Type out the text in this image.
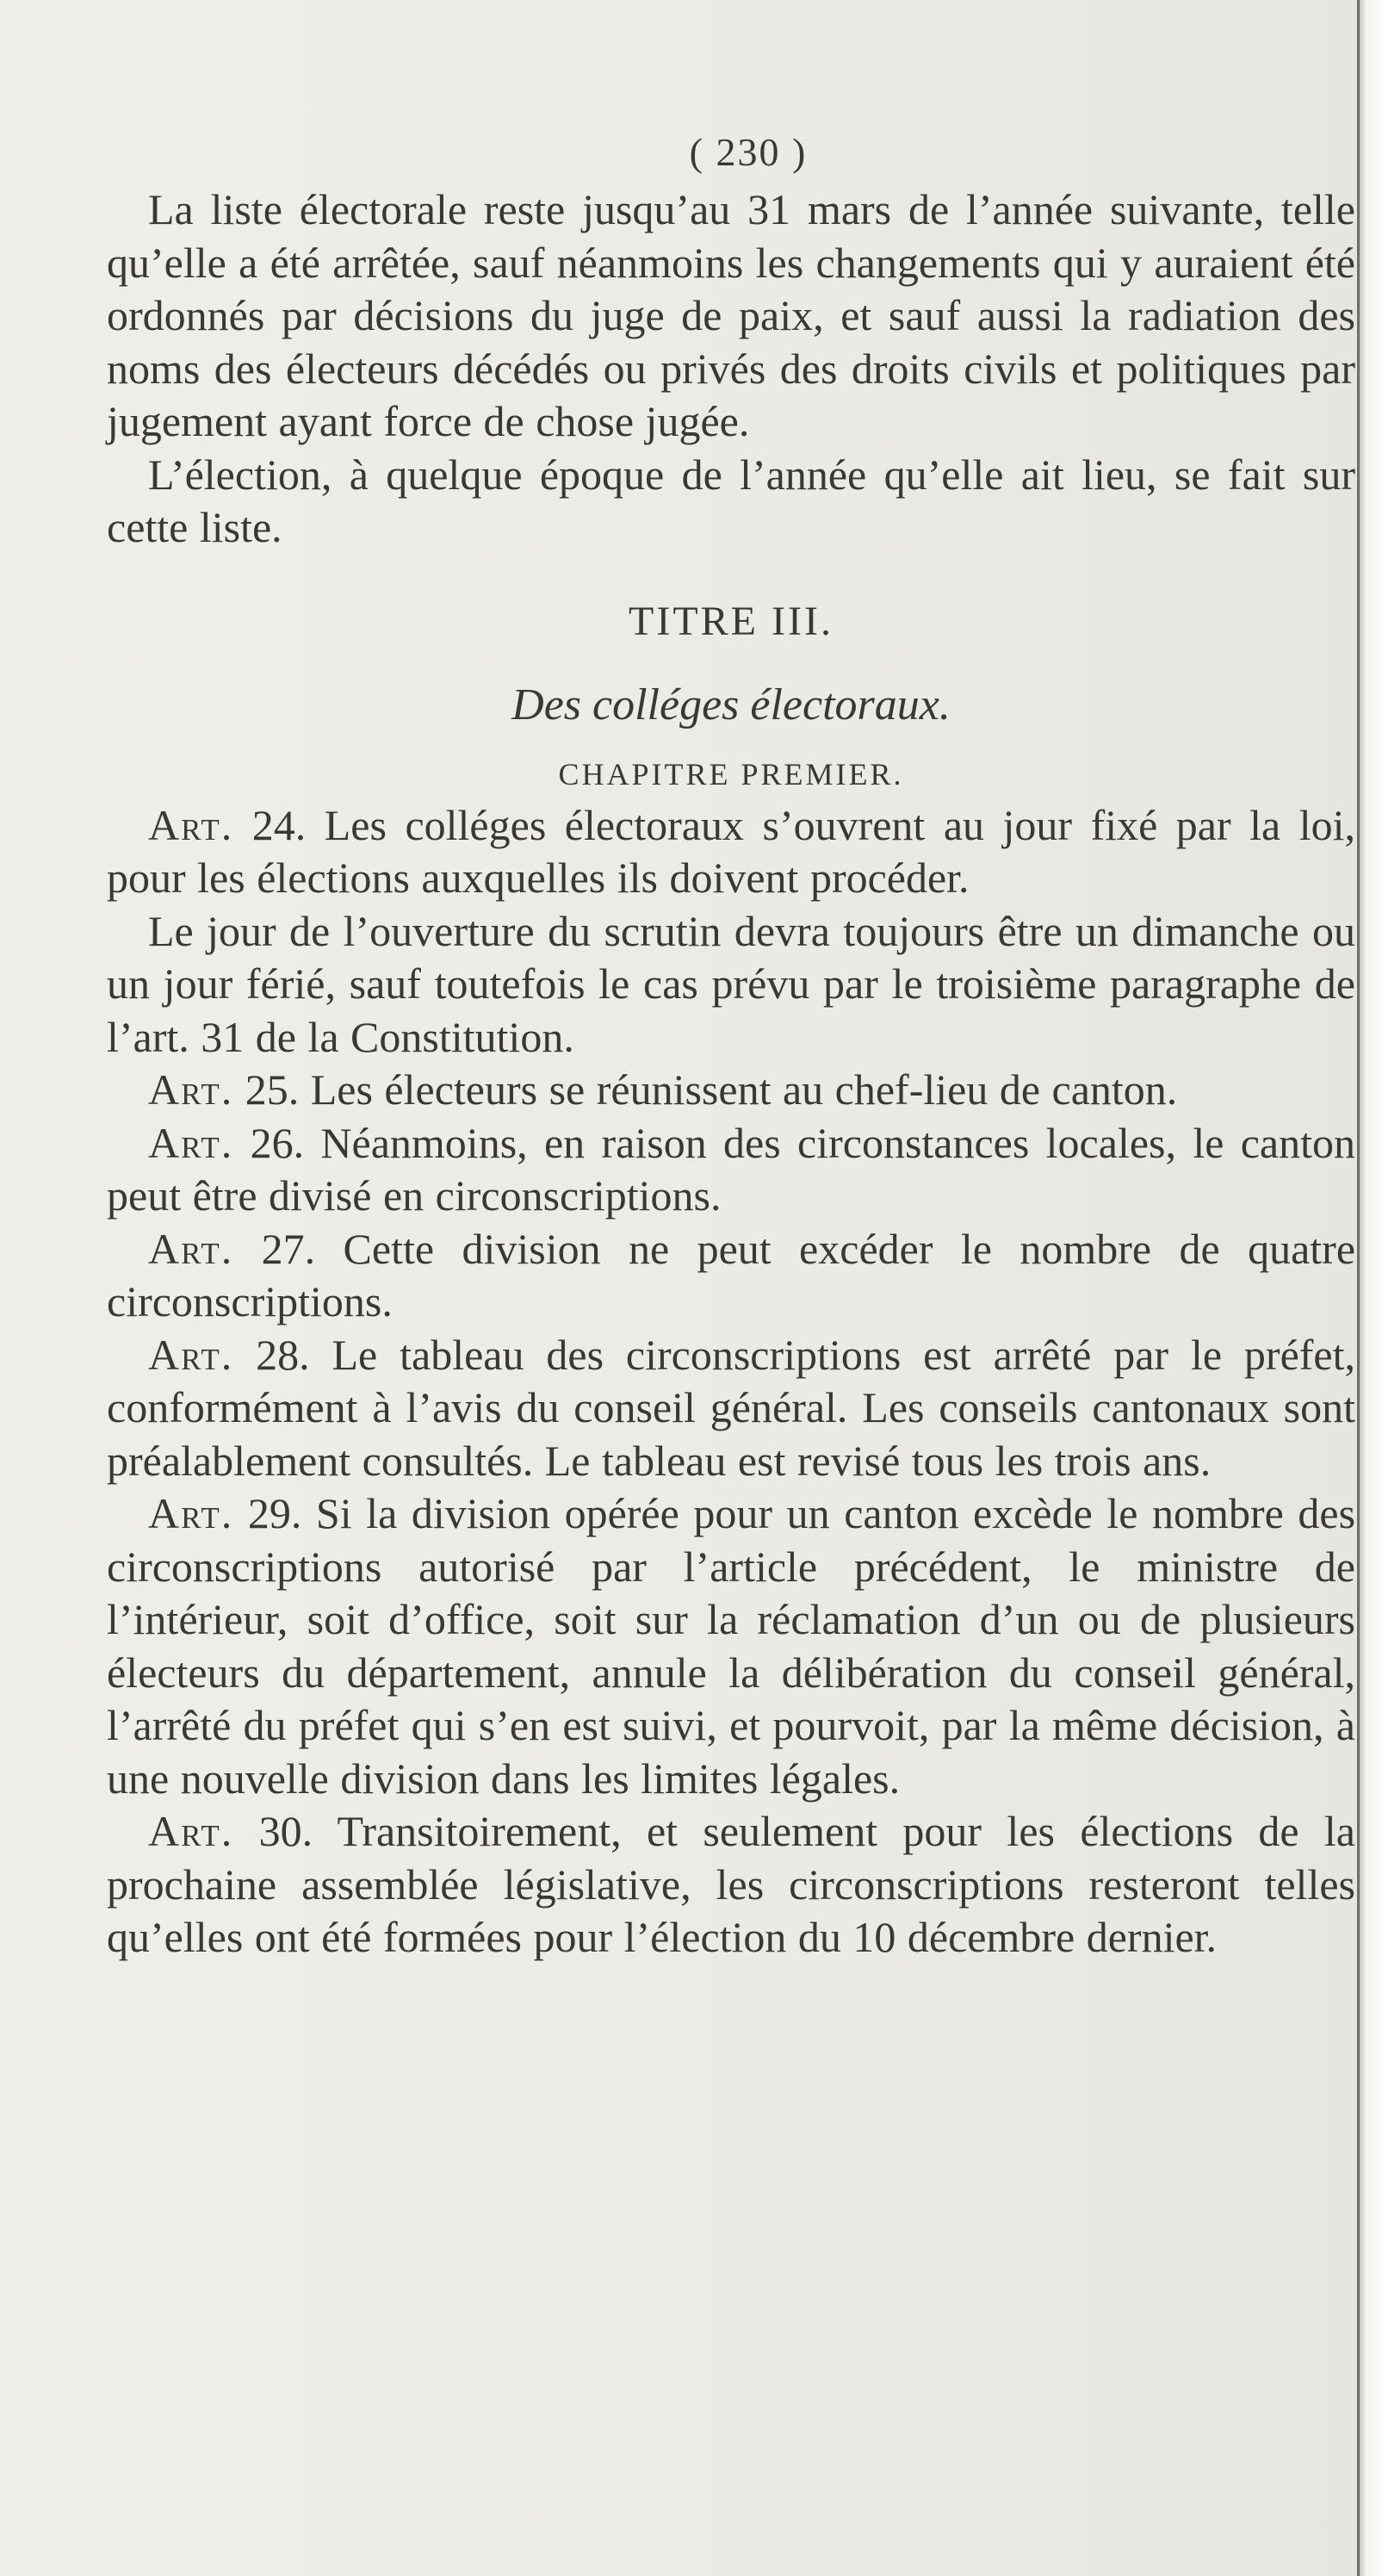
( 230 )

La liste électorale reste jusqu’au 31 mars de l’année suivante, telle qu’elle a été arrêtée, sauf néanmoins les changements qui y auraient été ordonnés par décisions du juge de paix, et sauf aussi la radiation des noms des électeurs décédés ou privés des droits civils et politiques par jugement ayant force de chose jugée.

L’élection, à quelque époque de l’année qu’elle ait lieu, se fait sur cette liste.

TITRE III.
Des colléges électoraux.
CHAPITRE PREMIER.

Art. 24. Les colléges électoraux s’ouvrent au jour fixé par la loi, pour les élections auxquelles ils doivent procéder.

Le jour de l’ouverture du scrutin devra toujours être un dimanche ou un jour férié, sauf toutefois le cas prévu par le troisième paragraphe de l’art. 31 de la Constitution.

Art. 25. Les électeurs se réunissent au chef-lieu de canton.

Art. 26. Néanmoins, en raison des circonstances locales, le canton peut être divisé en circonscriptions.

Art. 27. Cette division ne peut excéder le nombre de quatre circonscriptions.

Art. 28. Le tableau des circonscriptions est arrêté par le préfet, conformément à l’avis du conseil général. Les conseils cantonaux sont préalablement consultés. Le tableau est revisé tous les trois ans.

Art. 29. Si la division opérée pour un canton excède le nombre des circonscriptions autorisé par l’article précédent, le ministre de l’intérieur, soit d’office, soit sur la réclamation d’un ou de plusieurs électeurs du département, annule la délibération du conseil général, l’arrêté du préfet qui s’en est suivi, et pourvoit, par la même décision, à une nouvelle division dans les limites légales.

Art. 30. Transitoirement, et seulement pour les élections de la prochaine assemblée législative, les circonscriptions resteront telles qu’elles ont été formées pour l’élection du 10 décembre dernier.
